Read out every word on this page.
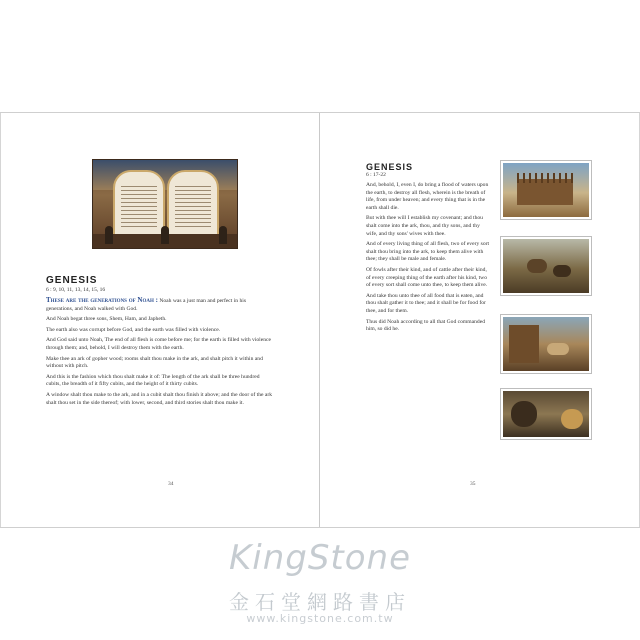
GENESIS

6 : 9, 10, 11, 13, 14, 15, 16

These are the generations of Noah : Noah was a just man and perfect in his generations, and Noah walked with God.

And Noah begat three sons, Shem, Ham, and Japheth.

The earth also was corrupt before God, and the earth was filled with violence.

And God said unto Noah, The end of all flesh is come before me; for the earth is filled with violence through them; and, behold, I will destroy them with the earth.

Make thee an ark of gopher wood; rooms shalt thou make in the ark, and shalt pitch it within and without with pitch.

And this is the fashion which thou shalt make it of: The length of the ark shall be three hundred cubits, the breadth of it fifty cubits, and the height of it thirty cubits.

A window shalt thou make to the ark, and in a cubit shalt thou finish it above; and the door of the ark shalt thou set in the side thereof; with lower, second, and third stories shalt thou make it.

34	35
GENESIS

6 : 17-22

And, behold, I, even I, do bring a flood of waters upon the earth, to destroy all flesh, wherein is the breath of life, from under heaven; and every thing that is in the earth shall die.

But with thee will I establish my covenant; and thou shalt come into the ark, thou, and thy sons, and thy wife, and thy sons' wives with thee.

And of every living thing of all flesh, two of every sort shalt thou bring into the ark, to keep them alive with thee; they shall be male and female.

Of fowls after their kind, and of cattle after their kind, of every creeping thing of the earth after his kind, two of every sort shall come unto thee, to keep them alive.

And take thou unto thee of all food that is eaten, and thou shalt gather it to thee; and it shall be for food for thee, and for them.

Thus did Noah according to all that God commanded him, so did he.

KingStone
金石堂網路書店
www.kingstone.com.tw
